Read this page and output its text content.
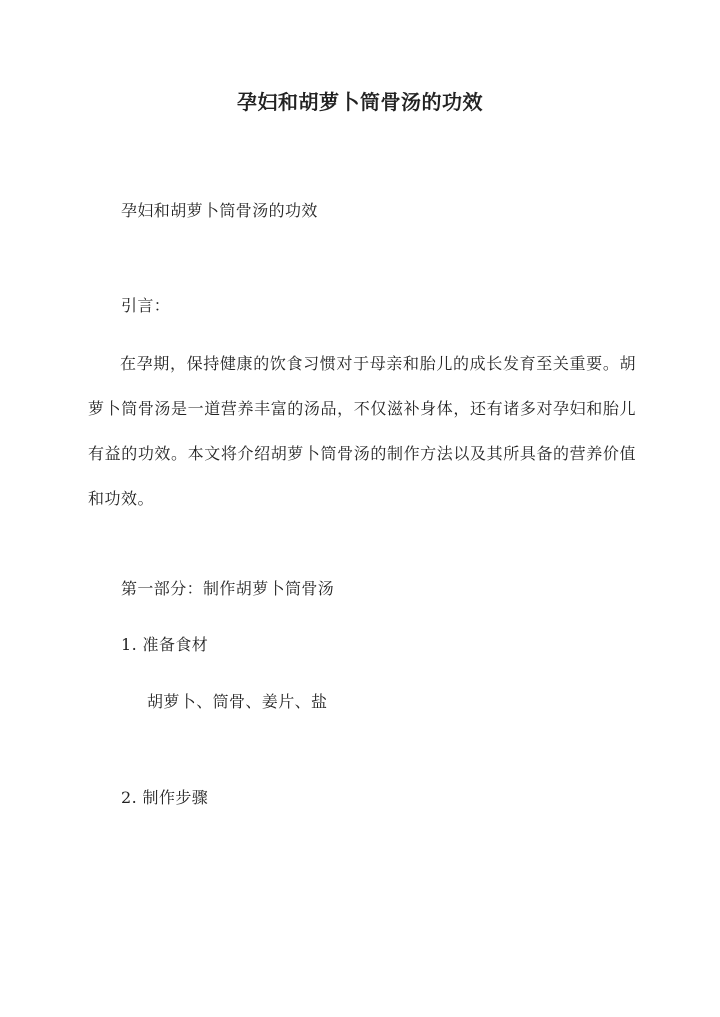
孕妇和胡萝卜筒骨汤的功效
孕妇和胡萝卜筒骨汤的功效
引言：
在孕期，保持健康的饮食习惯对于母亲和胎儿的成长发育至关重要。胡萝卜筒骨汤是一道营养丰富的汤品，不仅滋补身体，还有诸多对孕妇和胎儿有益的功效。本文将介绍胡萝卜筒骨汤的制作方法以及其所具备的营养价值和功效。
第一部分：制作胡萝卜筒骨汤
1. 准备食材
胡萝卜、筒骨、姜片、盐
2. 制作步骤
